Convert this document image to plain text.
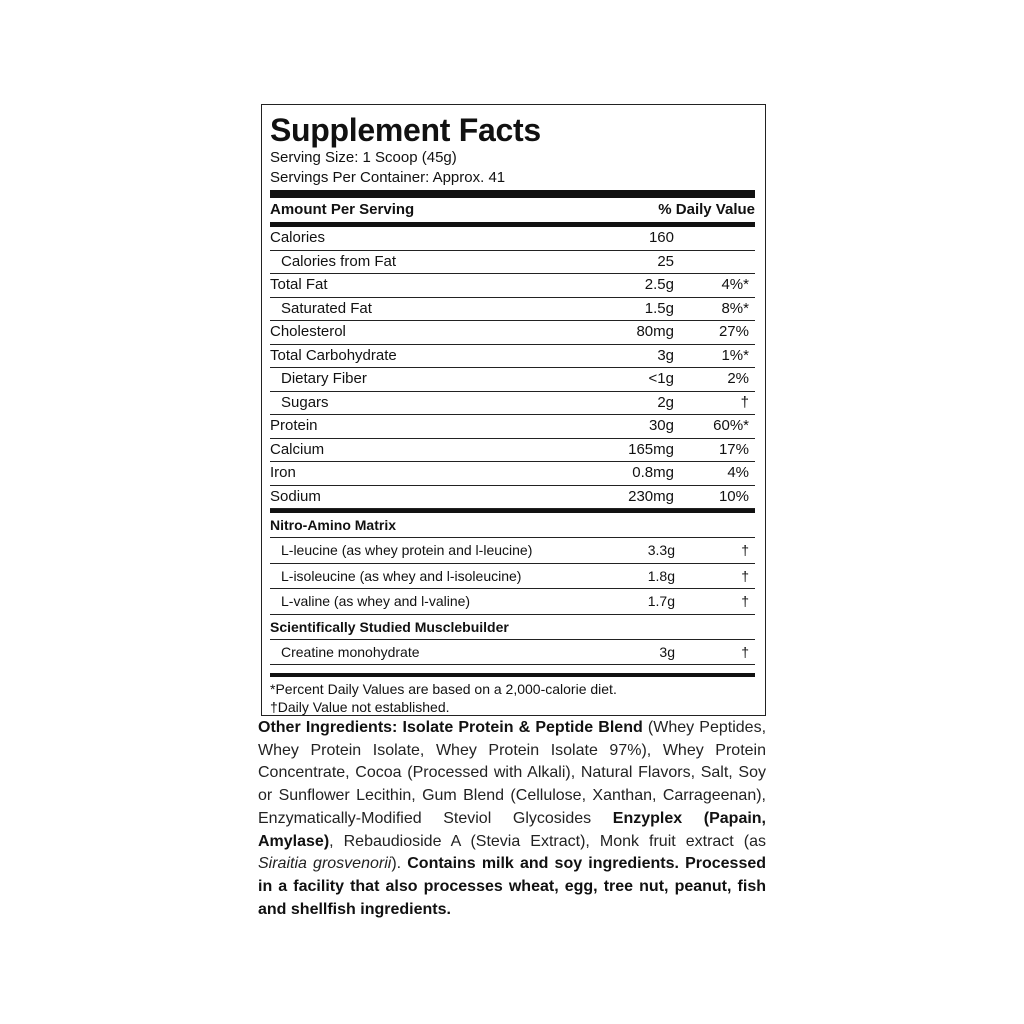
Supplement Facts
Serving Size: 1 Scoop (45g)
Servings Per Container: Approx. 41
Amount Per Serving	% Daily Value
Calories	160
Calories from Fat	25
Total Fat	2.5g	4%*
Saturated Fat	1.5g	8%*
Cholesterol	80mg	27%
Total Carbohydrate	3g	1%*
Dietary Fiber	<1g	2%
Sugars	2g	†
Protein	30g	60%*
Calcium	165mg	17%
Iron	0.8mg	4%
Sodium	230mg	10%
Nitro-Amino Matrix
L-leucine (as whey protein and l-leucine)	3.3g	†
L-isoleucine (as whey and l-isoleucine)	1.8g	†
L-valine (as whey and l-valine)	1.7g	†
Scientifically Studied Musclebuilder
Creatine monohydrate	3g	†
*Percent Daily Values are based on a 2,000-calorie diet.
†Daily Value not established.
Other Ingredients: Isolate Protein & Peptide Blend (Whey Peptides, Whey Protein Isolate, Whey Protein Isolate 97%), Whey Protein Concentrate, Cocoa (Processed with Alkali), Natural Flavors, Salt, Soy or Sunflower Lecithin, Gum Blend (Cellulose, Xanthan, Carrageenan), Enzymatically-Modified Steviol Glycosides Enzyplex (Papain, Amylase), Rebaudioside A (Stevia Extract), Monk fruit extract (as Siraitia grosvenorii). Contains milk and soy ingredients. Processed in a facility that also processes wheat, egg, tree nut, peanut, fish and shellfish ingredients.
